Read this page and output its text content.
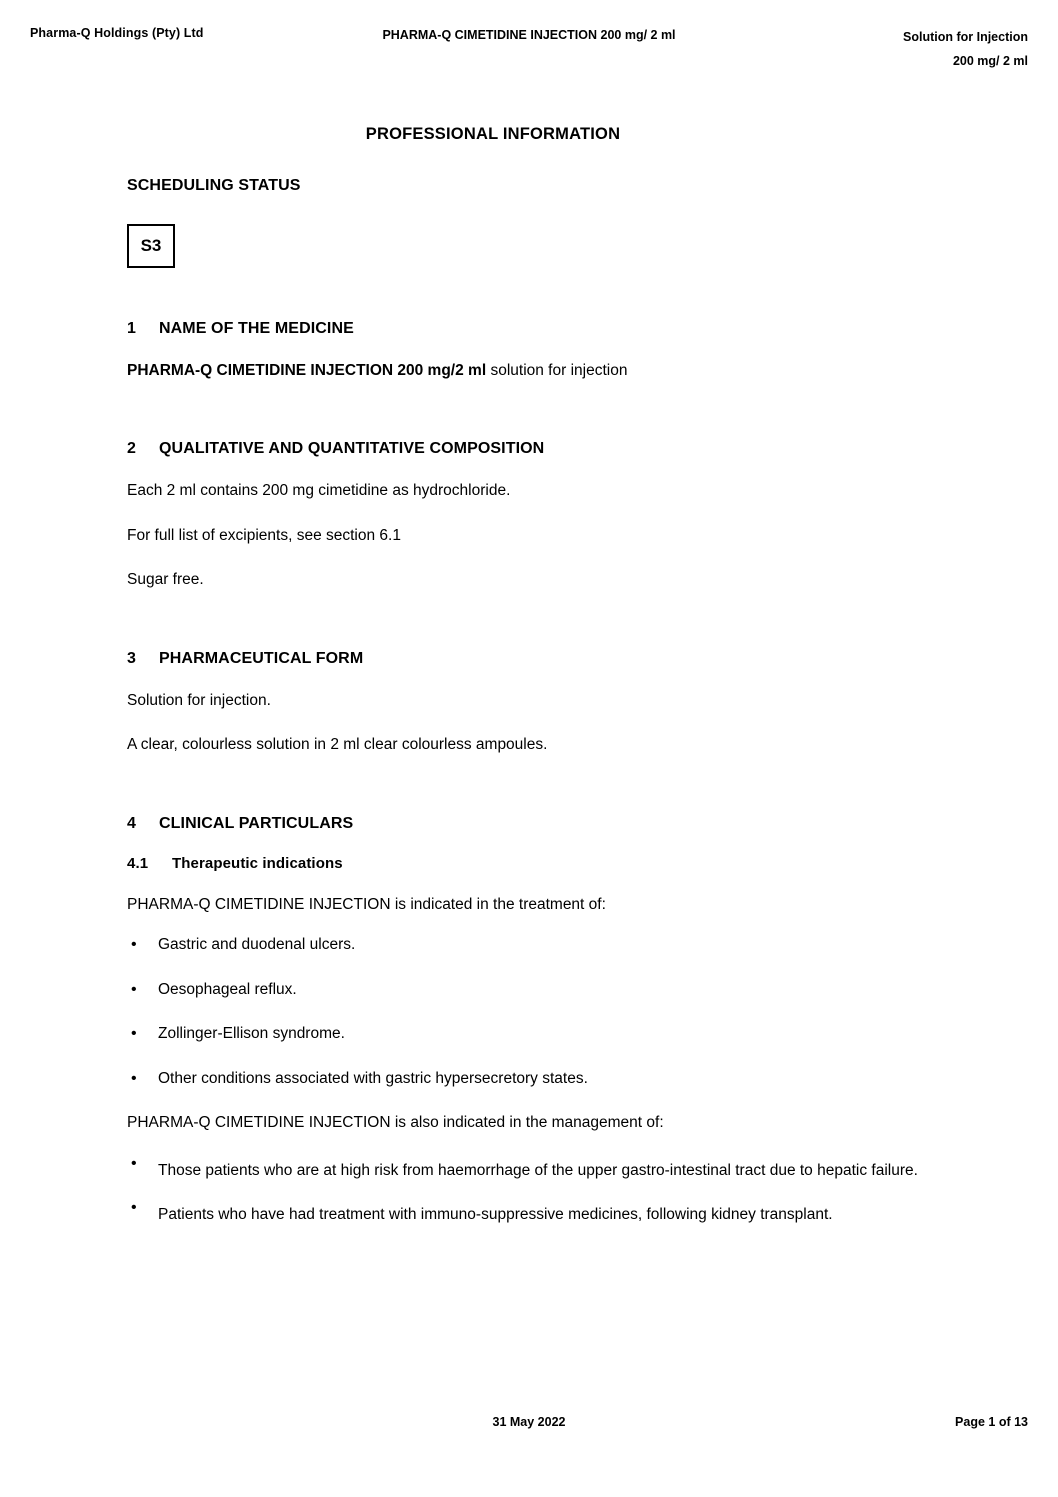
Pharma-Q Holdings (Pty) Ltd	PHARMA-Q CIMETIDINE INJECTION 200 mg/ 2 ml	Solution for Injection
200 mg/ 2 ml
PROFESSIONAL INFORMATION
SCHEDULING STATUS
S3
1	NAME OF THE MEDICINE

PHARMA-Q CIMETIDINE INJECTION 200 mg/2 ml solution for injection

2	QUALITATIVE AND QUANTITATIVE COMPOSITION

Each 2 ml contains 200 mg cimetidine as hydrochloride.

For full list of excipients, see section 6.1

Sugar free.

3	PHARMACEUTICAL FORM

Solution for injection.

A clear, colourless solution in 2 ml clear colourless ampoules.

4	CLINICAL PARTICULARS
4.1	Therapeutic indications

PHARMA-Q CIMETIDINE INJECTION is indicated in the treatment of:

• Gastric and duodenal ulcers.
• Oesophageal reflux.
• Zollinger-Ellison syndrome.
• Other conditions associated with gastric hypersecretory states.

PHARMA-Q CIMETIDINE INJECTION is also indicated in the management of:

• Those patients who are at high risk from haemorrhage of the upper gastro-intestinal tract due to hepatic failure.

• Patients who have had treatment with immuno-suppressive medicines, following kidney transplant.

31 May 2022	Page 1 of 13
